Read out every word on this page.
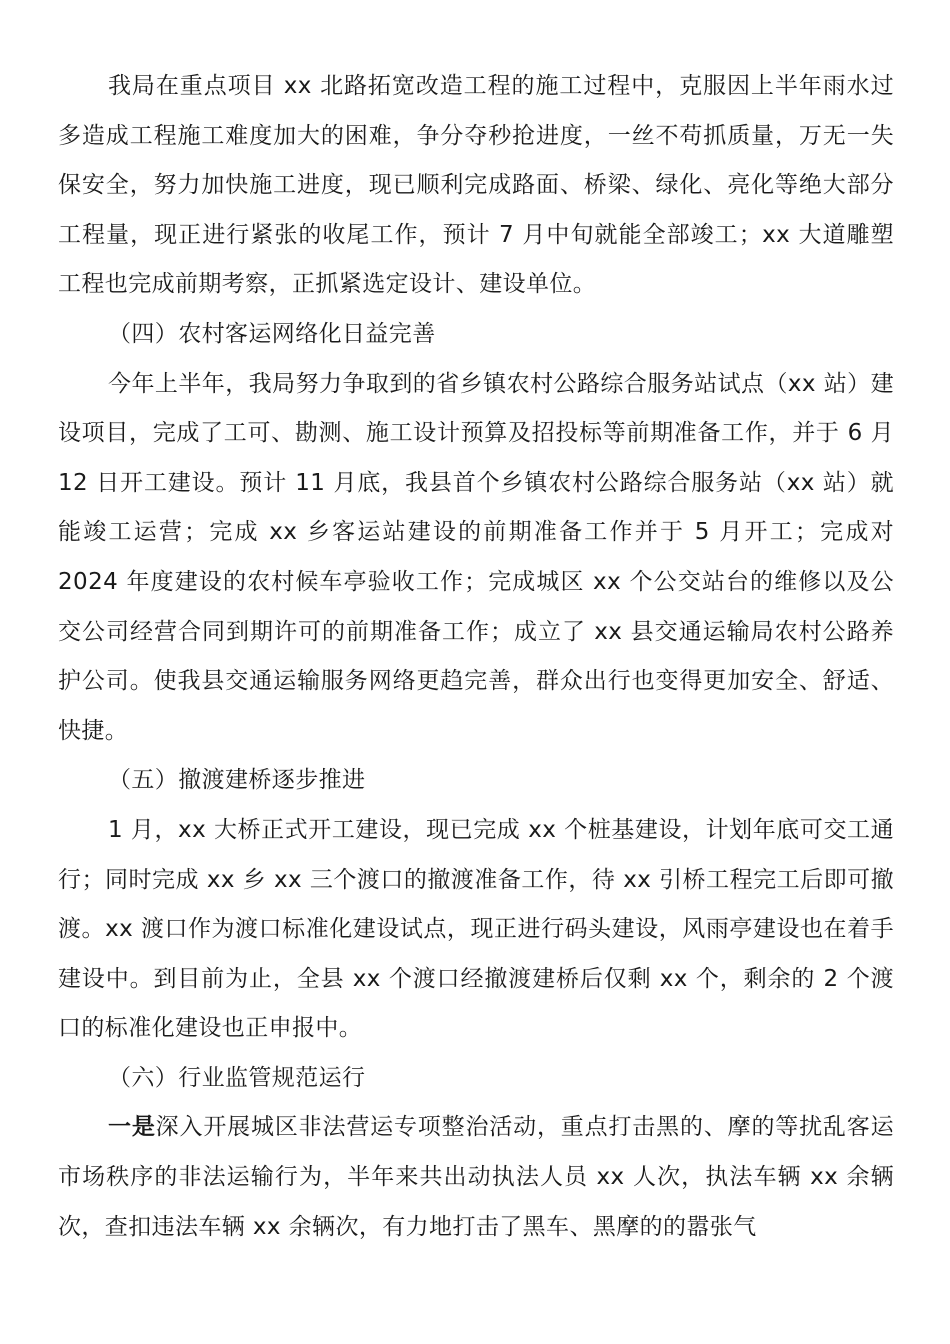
我局在重点项目 xx 北路拓宽改造工程的施工过程中，克服因上半年雨水过多造成工程施工难度加大的困难，争分夺秒抢进度，一丝不苟抓质量，万无一失保安全，努力加快施工进度，现已顺利完成路面、桥梁、绿化、亮化等绝大部分工程量，现正进行紧张的收尾工作，预计 7 月中旬就能全部竣工；xx 大道雕塑工程也完成前期考察，正抓紧选定设计、建设单位。

（四）农村客运网络化日益完善

今年上半年，我局努力争取到的省乡镇农村公路综合服务站试点（xx 站）建设项目，完成了工可、勘测、施工设计预算及招投标等前期准备工作，并于 6 月 12 日开工建设。预计 11 月底，我县首个乡镇农村公路综合服务站（xx 站）就能竣工运营；完成 xx 乡客运站建设的前期准备工作并于 5 月开工；完成对 2024 年度建设的农村候车亭验收工作；完成城区 xx 个公交站台的维修以及公交公司经营合同到期许可的前期准备工作；成立了 xx 县交通运输局农村公路养护公司。使我县交通运输服务网络更趋完善，群众出行也变得更加安全、舒适、快捷。

（五）撤渡建桥逐步推进

1 月，xx 大桥正式开工建设，现已完成 xx 个桩基建设，计划年底可交工通行；同时完成 xx 乡 xx 三个渡口的撤渡准备工作，待 xx 引桥工程完工后即可撤渡。xx 渡口作为渡口标准化建设试点，现正进行码头建设，风雨亭建设也在着手建设中。到目前为止，全县 xx 个渡口经撤渡建桥后仅剩 xx 个，剩余的 2 个渡口的标准化建设也正申报中。

（六）行业监管规范运行

一是深入开展城区非法营运专项整治活动，重点打击黑的、摩的等扰乱客运市场秩序的非法运输行为，半年来共出动执法人员 xx 人次，执法车辆 xx 余辆次，查扣违法车辆 xx 余辆次，有力地打击了黑车、黑摩的的嚣张气
